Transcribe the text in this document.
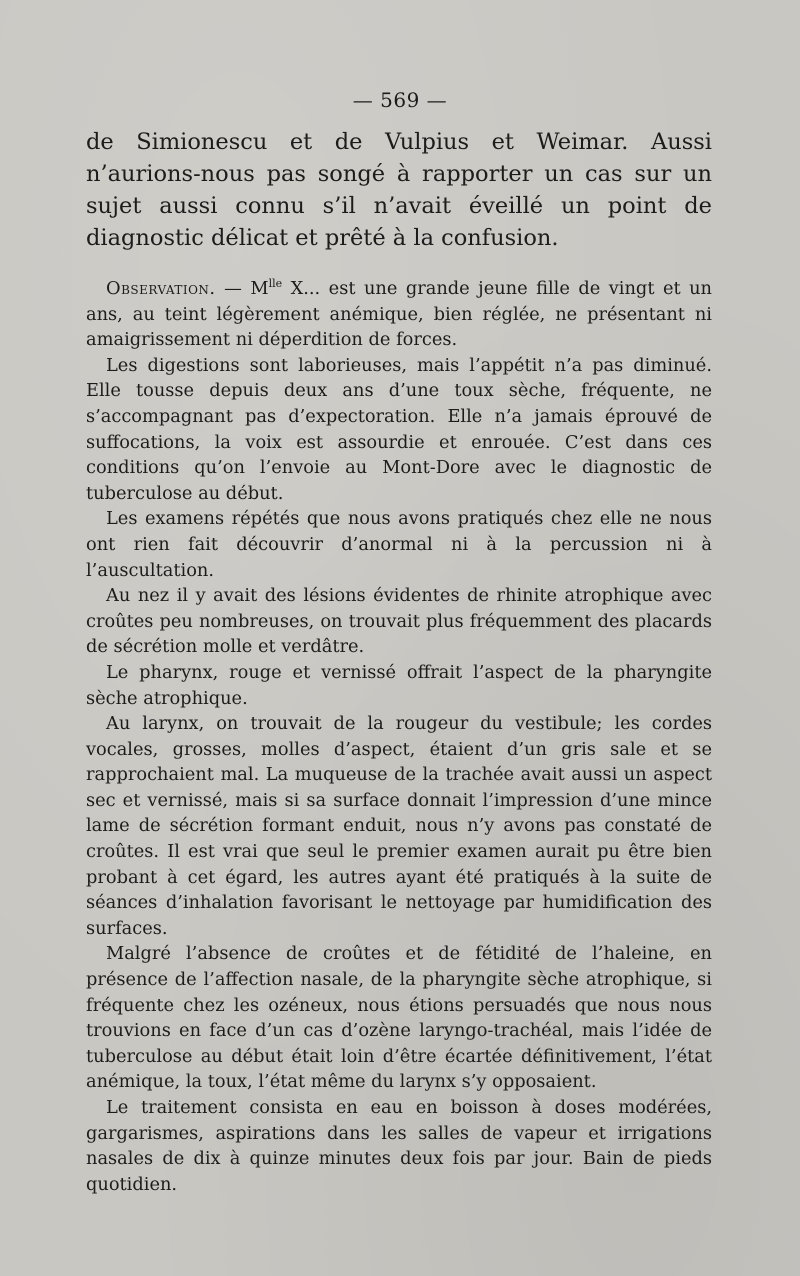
— 569 —

de Simionescu et de Vulpius et Weimar. Aussi n’aurions-nous pas songé à rapporter un cas sur un sujet aussi connu s’il n’avait éveillé un point de diagnostic délicat et prêté à la confusion.

Observation. — $M^{lle}$ X... est une grande jeune fille de vingt et un ans, au teint légèrement anémique, bien réglée, ne présentant ni amaigrissement ni déperdition de forces.

Les digestions sont laborieuses, mais l’appétit n’a pas diminué. Elle tousse depuis deux ans d’une toux sèche, fréquente, ne s’accompagnant pas d’expectoration. Elle n’a jamais éprouvé de suffocations, la voix est assourdie et enrouée. C’est dans ces conditions qu’on l’envoie au Mont-Dore avec le diagnostic de tuberculose au début.

Les examens répétés que nous avons pratiqués chez elle ne nous ont rien fait découvrir d’anormal ni à la percussion ni à l’auscultation.

Au nez il y avait des lésions évidentes de rhinite atrophique avec croûtes peu nombreuses, on trouvait plus fréquemment des placards de sécrétion molle et verdâtre.

Le pharynx, rouge et vernissé offrait l’aspect de la pharyngite sèche atrophique.

Au larynx, on trouvait de la rougeur du vestibule; les cordes vocales, grosses, molles d’aspect, étaient d’un gris sale et se rapprochaient mal. La muqueuse de la trachée avait aussi un aspect sec et vernissé, mais si sa surface donnait l’impression d’une mince lame de sécrétion formant enduit, nous n’y avons pas constaté de croûtes. Il est vrai que seul le premier examen aurait pu être bien probant à cet égard, les autres ayant été pratiqués à la suite de séances d’inhalation favorisant le nettoyage par humidification des surfaces.

Malgré l’absence de croûtes et de fétidité de l’haleine, en présence de l’affection nasale, de la pharyngite sèche atrophique, si fréquente chez les ozéneux, nous étions persuadés que nous nous trouvions en face d’un cas d’ozène laryngo-trachéal, mais l’idée de tuberculose au début était loin d’être écartée définitivement, l’état anémique, la toux, l’état même du larynx s’y opposaient.

Le traitement consista en eau en boisson à doses modérées, gargarismes, aspirations dans les salles de vapeur et irrigations nasales de dix à quinze minutes deux fois par jour. Bain de pieds quotidien.
